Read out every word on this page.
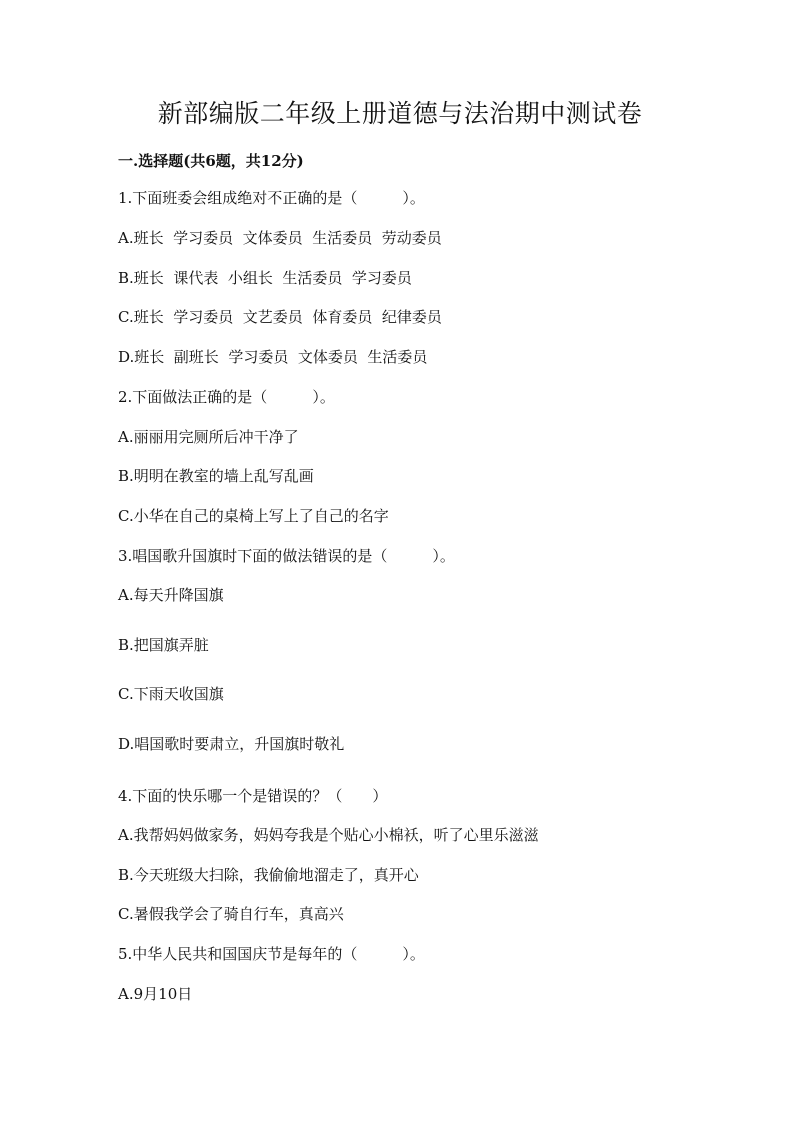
新部编版二年级上册道德与法治期中测试卷
一.选择题(共6题，共12分)
1.下面班委会组成绝对不正确的是（　　　）。
A.班长  学习委员  文体委员  生活委员  劳动委员
B.班长  课代表  小组长  生活委员  学习委员
C.班长  学习委员  文艺委员  体育委员  纪律委员
D.班长  副班长  学习委员  文体委员  生活委员
2.下面做法正确的是（　　　）。
A.丽丽用完厕所后冲干净了
B.明明在教室的墙上乱写乱画
C.小华在自己的桌椅上写上了自己的名字
3.唱国歌升国旗时下面的做法错误的是（　　　）。
A.每天升降国旗
B.把国旗弄脏
C.下雨天收国旗
D.唱国歌时要肃立，升国旗时敬礼
4.下面的快乐哪一个是错误的？（　　）
A.我帮妈妈做家务，妈妈夸我是个贴心小棉袄，听了心里乐滋滋
B.今天班级大扫除，我偷偷地溜走了，真开心
C.暑假我学会了骑自行车，真高兴
5.中华人民共和国国庆节是每年的（　　　）。
A.9月10日
